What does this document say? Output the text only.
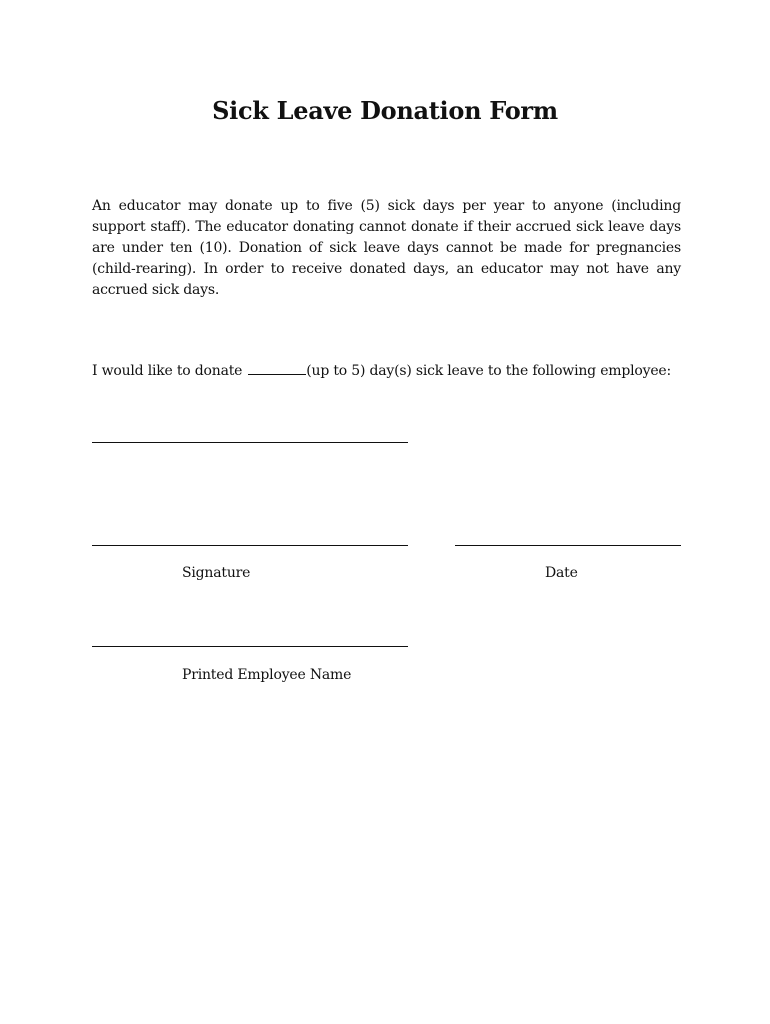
Sick Leave Donation Form

An educator may donate up to five (5) sick days per year to anyone (including support staff). The educator donating cannot donate if their accrued sick leave days are under ten (10). Donation of sick leave days cannot be made for pregnancies (child-rearing). In order to receive donated days, an educator may not have any accrued sick days.

I would like to donate	(up to 5) day(s) sick leave to the following employee:

Signature	Date
Printed Employee Name
